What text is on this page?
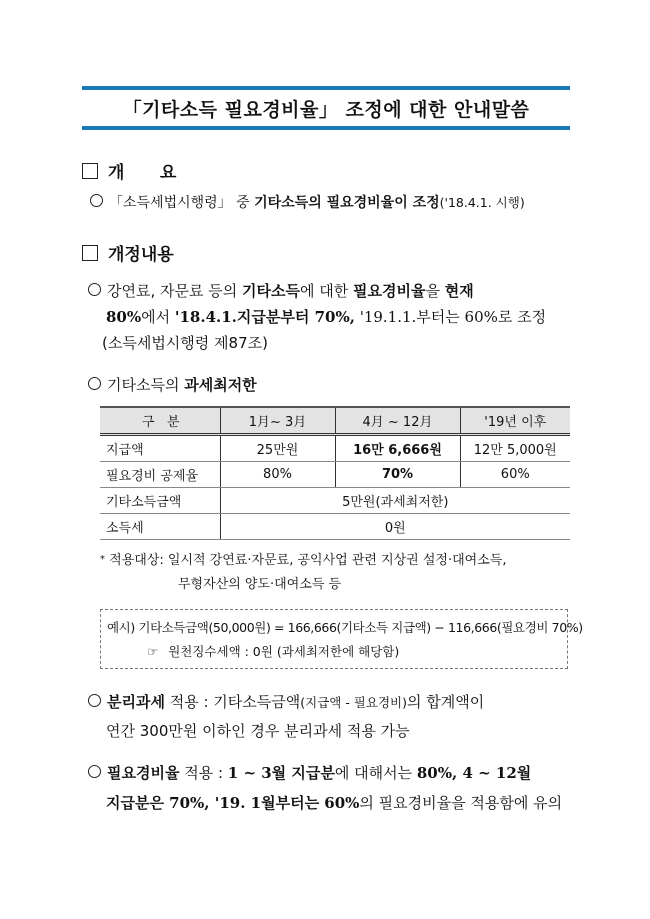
「기타소득 필요경비율」 조정에 대한 안내말씀
개      요
「소득세법시행령」 중 기타소득의 필요경비율이 조정('18.4.1. 시행)
개정내용
강연료, 자문료 등의 기타소득에 대한 필요경비율을 현재
80%에서 '18.4.1.지급분부터 70%, '19.1.1.부터는 60%로 조정
(소득세법시행령 제87조)
기타소득의 과세최저한
구   분	1月~ 3月	4月 ~ 12月	'19년 이후
지급액	25만원	16만 6,666원	12만 5,000원
필요경비 공제율	80%	70%	60%
기타소득금액	5만원(과세최저한)		
소득세	0원		
* 적용대상: 일시적 강연료·자문료, 공익사업 관련 지상권 설정·대여소득,
무형자산의 양도·대여소득 등
예시) 기타소득금액(50,000원) = 166,666(기타소득 지급액) − 116,666(필요경비 70%)
☞ 원천징수세액 : 0원 (과세최저한에 해당함)
분리과세 적용 : 기타소득금액(지급액 - 필요경비)의 합계액이
연간 300만원 이하인 경우 분리과세 적용 가능
필요경비율 적용 : 1 ~ 3월 지급분에 대해서는 80%, 4 ~ 12월
지급분은 70%, '19. 1월부터는 60%의 필요경비율을 적용함에 유의
